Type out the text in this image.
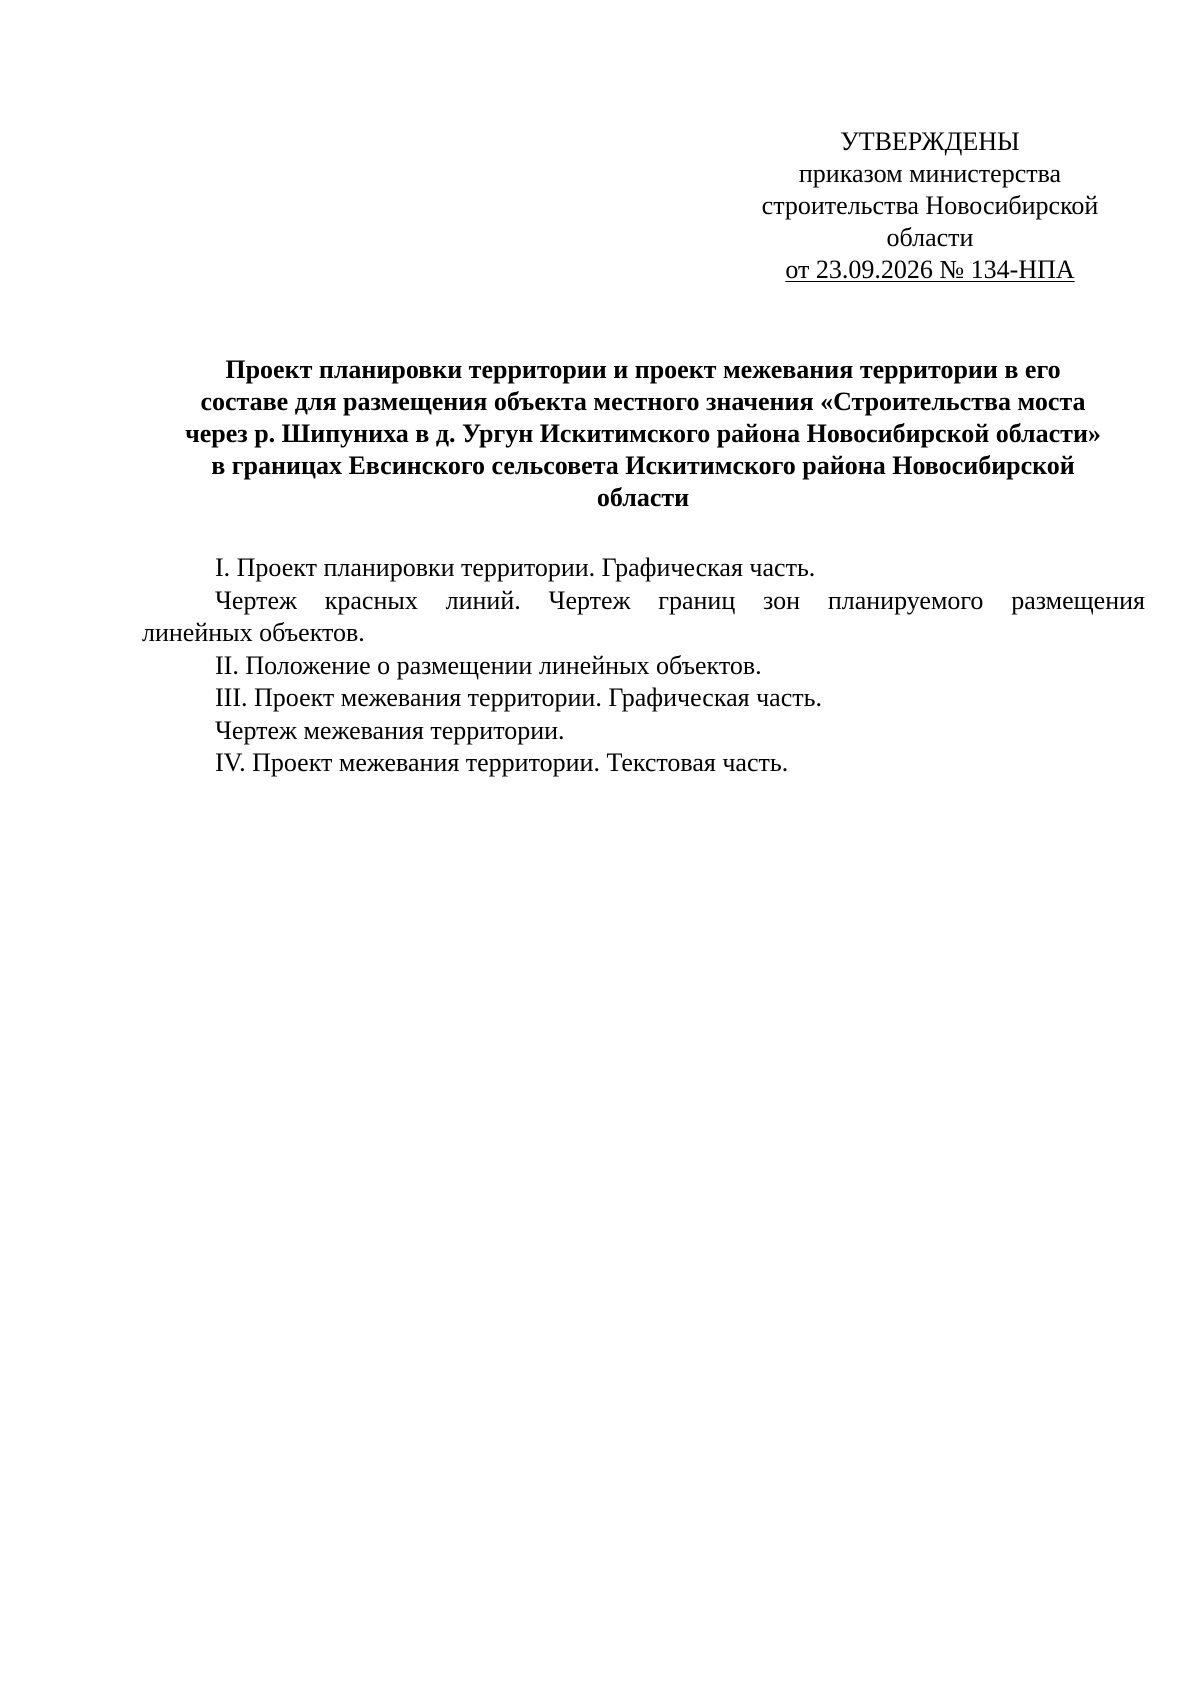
УТВЕРЖДЕНЫ
приказом министерства
строительства Новосибирской
области
от 23.09.2026 № 134-НПА
Проект планировки территории и проект межевания территории в его
составе для размещения объекта местного значения «Строительства моста
через р. Шипуниха в д. Ургун Искитимского района Новосибирской области»
в границах Евсинского сельсовета Искитимского района Новосибирской
области
I. Проект планировки территории. Графическая часть.
Чертеж красных линий. Чертеж границ зон планируемого размещения
линейных объектов.
II. Положение о размещении линейных объектов.
III. Проект межевания территории. Графическая часть.
Чертеж межевания территории.
IV. Проект межевания территории. Текстовая часть.
